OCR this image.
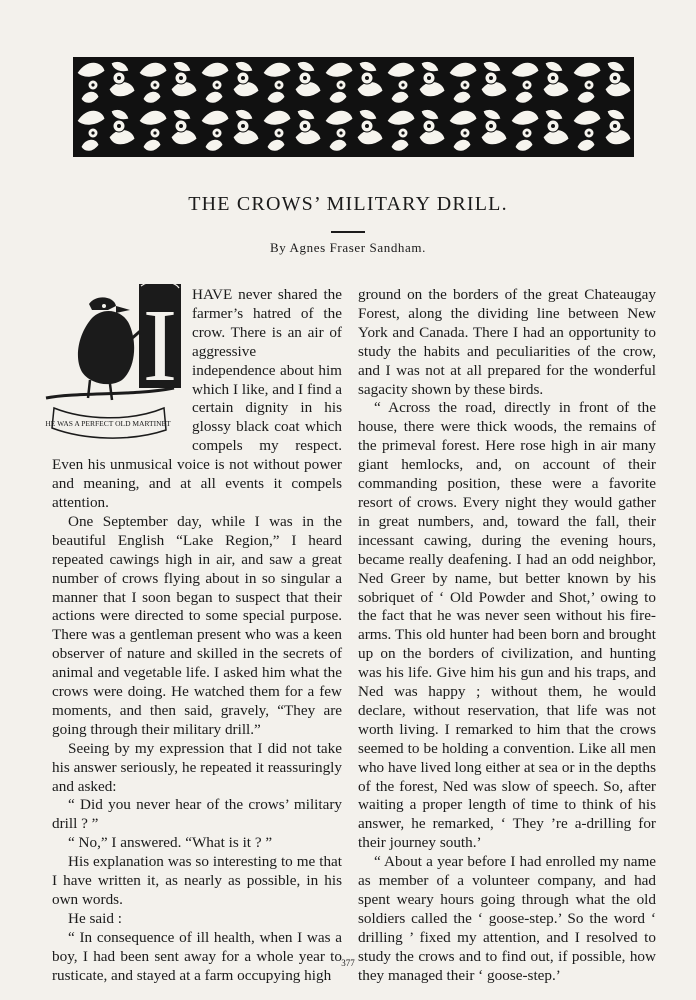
THE CROWS’ MILITARY DRILL.
By Agnes Fraser Sandham.
I
HE WAS A PERFECT OLD MARTINET

HAVE never shared the farmer’s hatred of the crow. There is an air of aggressive independence about him which I like, and I find a certain dignity in his glossy black coat which compels my respect. Even his unmusical voice is not without power and meaning, and at all events it compels attention.

One September day, while I was in the beautiful English “Lake Region,” I heard repeated cawings high in air, and saw a great number of crows flying about in so singular a manner that I soon began to suspect that their actions were directed to some special purpose. There was a gentleman present who was a keen observer of nature and skilled in the secrets of animal and vegetable life. I asked him what the crows were doing. He watched them for a few moments, and then said, gravely, “They are going through their military drill.”

Seeing by my expression that I did not take his answer seriously, he repeated it reassuringly and asked:

“ Did you never hear of the crows’ military drill ? ”

“ No,” I answered. “What is it ? ”

His explanation was so interesting to me that I have written it, as nearly as possible, in his own words.

He said :

“ In consequence of ill health, when I was a boy, I had been sent away for a whole year to rusticate, and stayed at a farm occupying high

ground on the borders of the great Chateaugay Forest, along the dividing line between New York and Canada. There I had an opportunity to study the habits and peculiarities of the crow, and I was not at all prepared for the wonderful sagacity shown by these birds.

“ Across the road, directly in front of the house, there were thick woods, the remains of the primeval forest. Here rose high in air many giant hemlocks, and, on account of their commanding position, these were a favorite resort of crows. Every night they would gather in great numbers, and, toward the fall, their incessant cawing, during the evening hours, became really deafening. I had an odd neighbor, Ned Greer by name, but better known by his sobriquet of ‘ Old Powder and Shot,’ owing to the fact that he was never seen without his fire-arms. This old hunter had been born and brought up on the borders of civilization, and hunting was his life. Give him his gun and his traps, and Ned was happy ; without them, he would declare, without reservation, that life was not worth living. I remarked to him that the crows seemed to be holding a convention. Like all men who have lived long either at sea or in the depths of the forest, Ned was slow of speech. So, after waiting a proper length of time to think of his answer, he remarked, ‘ They ’re a-drilling for their journey south.’

“ About a year before I had enrolled my name as member of a volunteer company, and had spent weary hours going through what the old soldiers called the ‘ goose-step.’ So the word ‘ drilling ’ fixed my attention, and I resolved to study the crows and to find out, if possible, how they managed their ‘ goose-step.’

377
